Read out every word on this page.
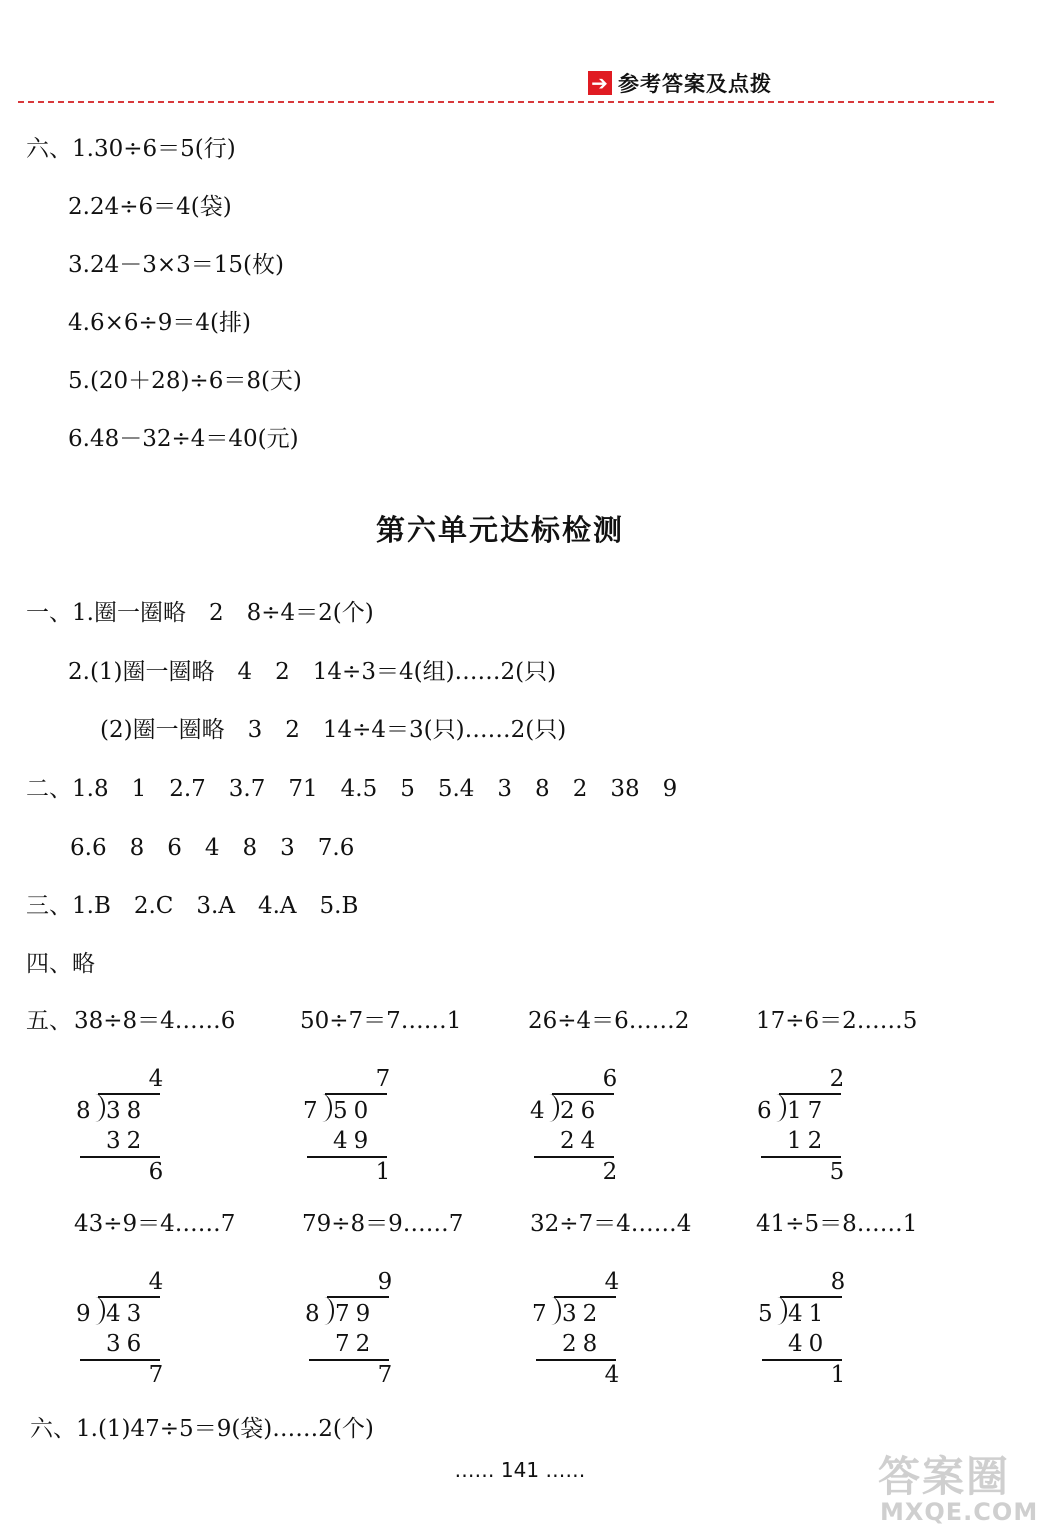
➔ 参考答案及点拨
六、1.30÷6＝5(行)
2.24÷6＝4(袋)
3.24－3×3＝15(枚)
4.6×6÷9＝4(排)
5.(20＋28)÷6＝8(天)
6.48－32÷4＝40(元)
第六单元达标检测
一、1.圈一圈略　2　8÷4＝2(个)
2.(1)圈一圈略　4　2　14÷3＝4(组)……2(只)
(2)圈一圈略　3　2　14÷4＝3(只)……2(只)
二、1.8　1　2.7　3.7　71　4.5　5　5.4　3　8　2　38　9
6.6　8　6　4　8　3　7.6
三、1.B　2.C　3.A　4.A　5.B
四、略
五、 38÷8＝4……6	50÷7＝7……1	26÷4＝6……2	17÷6＝2……5
4
8 38
32
6
7
7 50
49
1
6
4 26
24
2
2
6 17
12
5
43÷9＝4……7	79÷8＝9……7	32÷7＝4……4	41÷5＝8……1
4
9 43
36
7
9
8 79
72
7
4
7 32
28
4
8
5 41
40
1
六、1.(1)47÷5＝9(袋)……2(个)
…… 141 ……	答案圈
MXQE.COM
